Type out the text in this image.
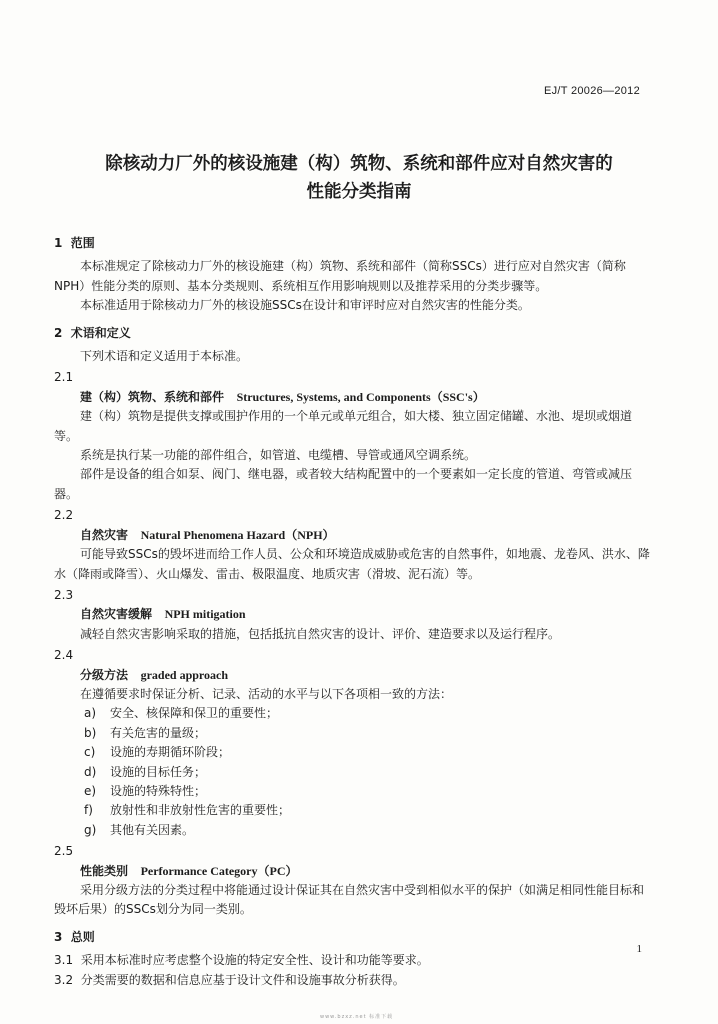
EJ/T 20026—2012
除核动力厂外的核设施建（构）筑物、系统和部件应对自然灾害的
性能分类指南
1 范围
本标准规定了除核动力厂外的核设施建（构）筑物、系统和部件（简称SSCs）进行应对自然灾害（简称NPH）性能分类的原则、基本分类规则、系统相互作用影响规则以及推荐采用的分类步骤等。
本标准适用于除核动力厂外的核设施SSCs在设计和审评时应对自然灾害的性能分类。
2 术语和定义
下列术语和定义适用于本标准。
2.1
建（构）筑物、系统和部件 Structures, Systems, and Components（SSC's）
建（构）筑物是提供支撑或围护作用的一个单元或单元组合，如大楼、独立固定储罐、水池、堤坝或烟道等。
系统是执行某一功能的部件组合，如管道、电缆槽、导管或通风空调系统。
部件是设备的组合如泵、阀门、继电器，或者较大结构配置中的一个要素如一定长度的管道、弯管或减压器。
2.2
自然灾害 Natural Phenomena Hazard（NPH）
可能导致SSCs的毁坏进而给工作人员、公众和环境造成威胁或危害的自然事件，如地震、龙卷风、洪水、降水（降雨或降雪）、火山爆发、雷击、极限温度、地质灾害（滑坡、泥石流）等。
2.3
自然灾害缓解 NPH mitigation
减轻自然灾害影响采取的措施，包括抵抗自然灾害的设计、评价、建造要求以及运行程序。
2.4
分级方法 graded approach
在遵循要求时保证分析、记录、活动的水平与以下各项相一致的方法：
a) 安全、核保障和保卫的重要性；
b) 有关危害的量级；
c) 设施的寿期循环阶段；
d) 设施的目标任务；
e) 设施的特殊特性；
f) 放射性和非放射性危害的重要性；
g) 其他有关因素。
2.5
性能类别 Performance Category（PC）
采用分级方法的分类过程中将能通过设计保证其在自然灾害中受到相似水平的保护（如满足相同性能目标和毁坏后果）的SSCs划分为同一类别。
3 总则
3.1 采用本标准时应考虑整个设施的特定安全性、设计和功能等要求。
3.2 分类需要的数据和信息应基于设计文件和设施事故分析获得。
1
www.bzxz.net 标准下载
